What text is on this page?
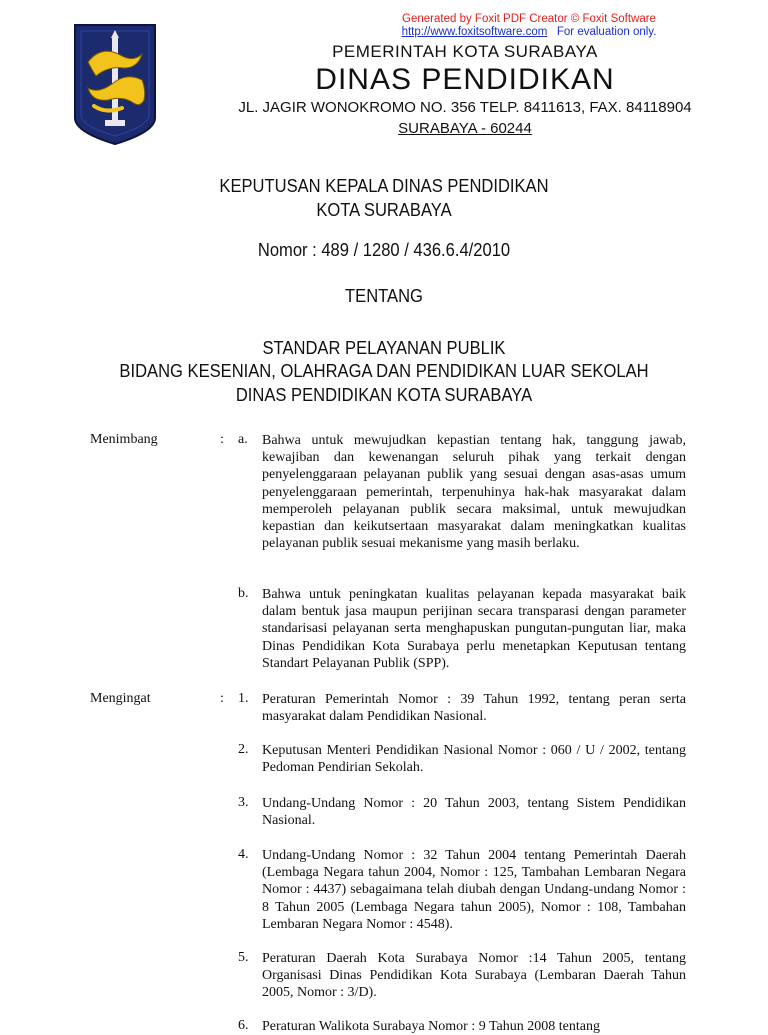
Generated by Foxit PDF Creator © Foxit Software
http://www.foxitsoftware.com For evaluation only.
PEMERINTAH KOTA SURABAYA
DINAS PENDIDIKAN
JL. JAGIR WONOKROMO NO. 356 TELP. 8411613, FAX. 84118904
SURABAYA - 60244
KEPUTUSAN KEPALA DINAS PENDIDIKAN
KOTA SURABAYA
Nomor : 489 / 1280 / 436.6.4/2010
TENTANG
STANDAR PELAYANAN PUBLIK
BIDANG KESENIAN, OLAHRAGA DAN PENDIDIKAN LUAR SEKOLAH
DINAS PENDIDIKAN KOTA SURABAYA
Menimbang	: a. Bahwa untuk mewujudkan kepastian tentang hak, tanggung jawab, kewajiban dan kewenangan seluruh pihak yang terkait dengan penyelenggaraan pelayanan publik yang sesuai dengan asas-asas umum penyelenggaraan pemerintah, terpenuhinya hak-hak masyarakat dalam memperoleh pelayanan publik secara maksimal, untuk mewujudkan kepastian dan keikutsertaan masyarakat dalam meningkatkan kualitas pelayanan publik sesuai mekanisme yang masih berlaku.
b. Bahwa untuk peningkatan kualitas pelayanan kepada masyarakat baik dalam bentuk jasa maupun perijinan secara transparasi dengan parameter standarisasi pelayanan serta menghapuskan pungutan-pungutan liar, maka Dinas Pendidikan Kota Surabaya perlu menetapkan Keputusan tentang Standart Pelayanan Publik (SPP).
Mengingat	: 1. Peraturan Pemerintah Nomor : 39 Tahun 1992, tentang peran serta masyarakat dalam Pendidikan Nasional.
2. Keputusan Menteri Pendidikan Nasional Nomor : 060 / U / 2002, tentang Pedoman Pendirian Sekolah.
3. Undang-Undang Nomor : 20 Tahun 2003, tentang Sistem Pendidikan Nasional.
4. Undang-Undang Nomor : 32 Tahun 2004 tentang Pemerintah Daerah (Lembaga Negara tahun 2004, Nomor : 125, Tambahan Lembaran Negara Nomor : 4437) sebagaimana telah diubah dengan Undang-undang Nomor : 8 Tahun 2005 (Lembaga Negara tahun 2005), Nomor : 108, Tambahan Lembaran Negara Nomor : 4548).
5. Peraturan Daerah Kota Surabaya Nomor :14 Tahun 2005, tentang Organisasi Dinas Pendidikan Kota Surabaya (Lembaran Daerah Tahun 2005, Nomor : 3/D).
6. Peraturan Walikota Surabaya Nomor : 9 Tahun 2008 tentang
